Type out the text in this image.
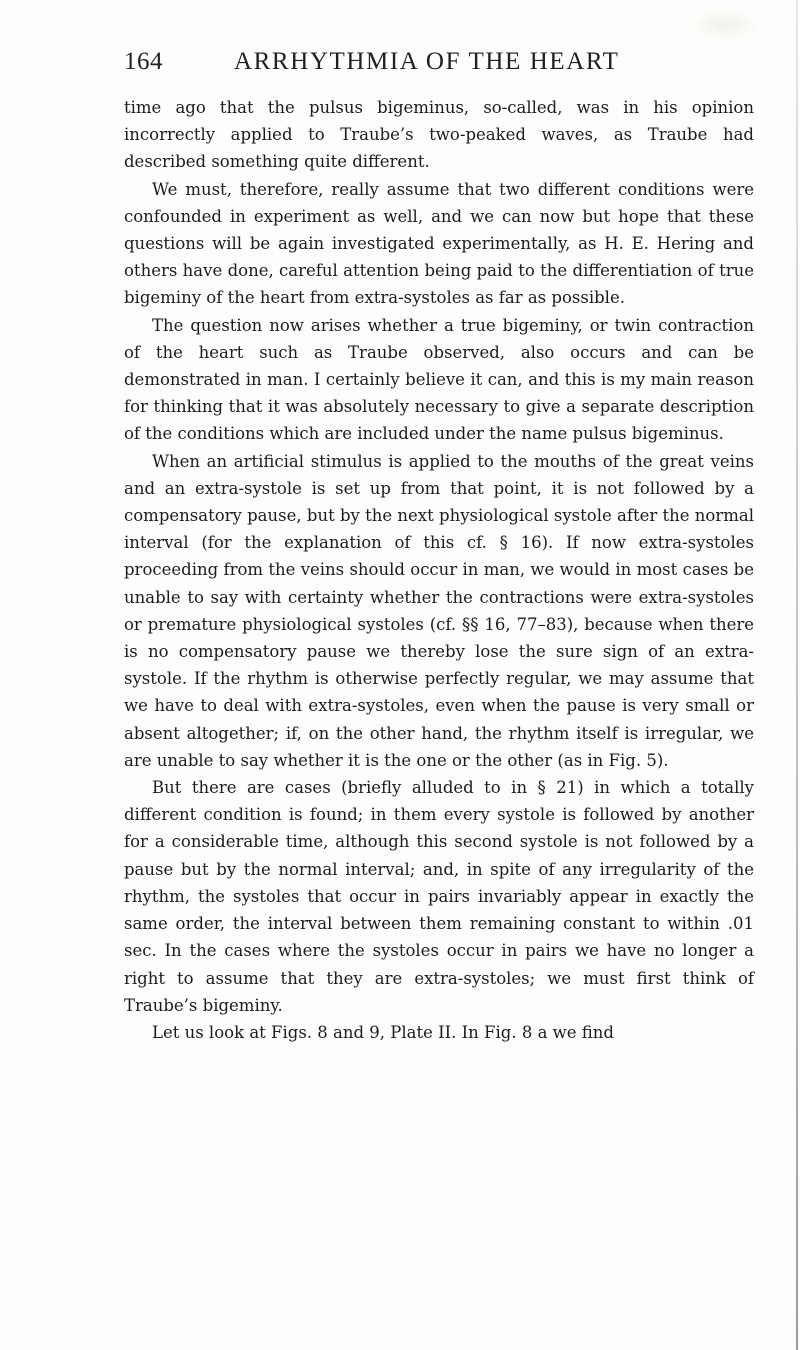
164	ARRHYTHMIA OF THE HEART

time ago that the pulsus bigeminus, so-called, was in his opinion incorrectly applied to Traube’s two-peaked waves, as Traube had described something quite different.

We must, therefore, really assume that two different conditions were confounded in experiment as well, and we can now but hope that these questions will be again investigated experimentally, as H. E. Hering and others have done, careful attention being paid to the differentiation of true bigeminy of the heart from extra-systoles as far as possible.

The question now arises whether a true bigeminy, or twin contraction of the heart such as Traube observed, also occurs and can be demonstrated in man. I certainly believe it can, and this is my main reason for thinking that it was absolutely necessary to give a separate description of the conditions which are included under the name pulsus bigeminus.

When an artificial stimulus is applied to the mouths of the great veins and an extra-systole is set up from that point, it is not followed by a compensatory pause, but by the next physiological systole after the normal interval (for the explanation of this cf. § 16). If now extra-systoles proceeding from the veins should occur in man, we would in most cases be unable to say with certainty whether the contractions were extra-systoles or premature physiological systoles (cf. §§ 16, 77–83), because when there is no compensatory pause we thereby lose the sure sign of an extra-systole. If the rhythm is otherwise perfectly regular, we may assume that we have to deal with extra-systoles, even when the pause is very small or absent altogether; if, on the other hand, the rhythm itself is irregular, we are unable to say whether it is the one or the other (as in Fig. 5).

But there are cases (briefly alluded to in § 21) in which a totally different condition is found; in them every systole is followed by another for a considerable time, although this second systole is not followed by a pause but by the normal interval; and, in spite of any irregularity of the rhythm, the systoles that occur in pairs invariably appear in exactly the same order, the interval between them remaining constant to within .01 sec. In the cases where the systoles occur in pairs we have no longer a right to assume that they are extra-systoles; we must first think of Traube’s bigeminy.

Let us look at Figs. 8 and 9, Plate II. In Fig. 8 a we find
